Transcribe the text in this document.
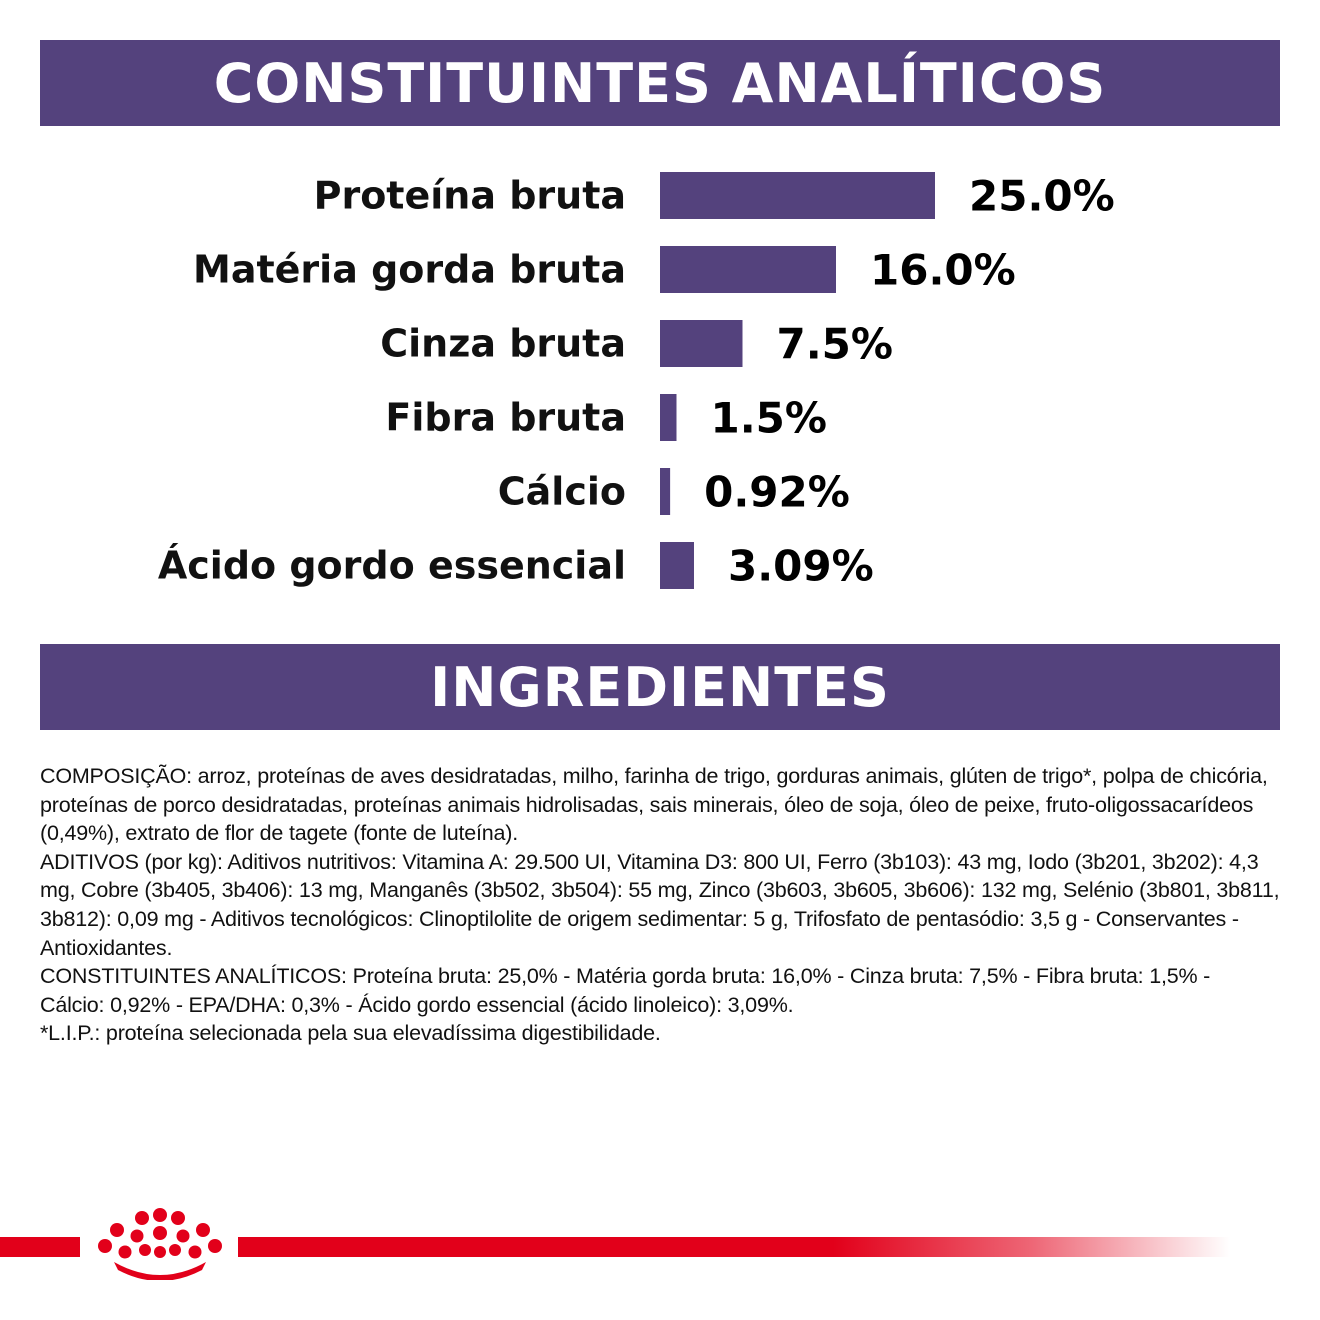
CONSTITUINTES ANALÍTICOS
Proteína bruta	25.0%
Matéria gorda bruta	16.0%
Cinza bruta	7.5%
Fibra bruta 1.5%
Cálcio 0.92%
Ácido gordo essencial 3.09%
INGREDIENTES

COMPOSIÇÃO: arroz, proteínas de aves desidratadas, milho, farinha de trigo, gorduras animais, glúten de trigo*, polpa de chicória, proteínas de porco desidratadas, proteínas animais hidrolisadas, sais minerais, óleo de soja, óleo de peixe, fruto-oligossacarídeos (0,49%), extrato de flor de tagete (fonte de luteína).

ADITIVOS (por kg): Aditivos nutritivos: Vitamina A: 29.500 UI, Vitamina D3: 800 UI, Ferro (3b103): 43 mg, Iodo (3b201, 3b202): 4,3 mg, Cobre (3b405, 3b406): 13 mg, Manganês (3b502, 3b504): 55 mg, Zinco (3b603, 3b605, 3b606): 132 mg, Selénio (3b801, 3b811, 3b812): 0,09 mg - Aditivos tecnológicos: Clinoptilolite de origem sedimentar: 5 g, Trifosfato de pentasódio: 3,5 g - Conservantes - Antioxidantes.

CONSTITUINTES ANALÍTICOS: Proteína bruta: 25,0% - Matéria gorda bruta: 16,0% - Cinza bruta: 7,5% - Fibra bruta: 1,5% - Cálcio: 0,92% - EPA/DHA: 0,3% - Ácido gordo essencial (ácido linoleico): 3,09%.

*L.I.P.: proteína selecionada pela sua elevadíssima digestibilidade.
